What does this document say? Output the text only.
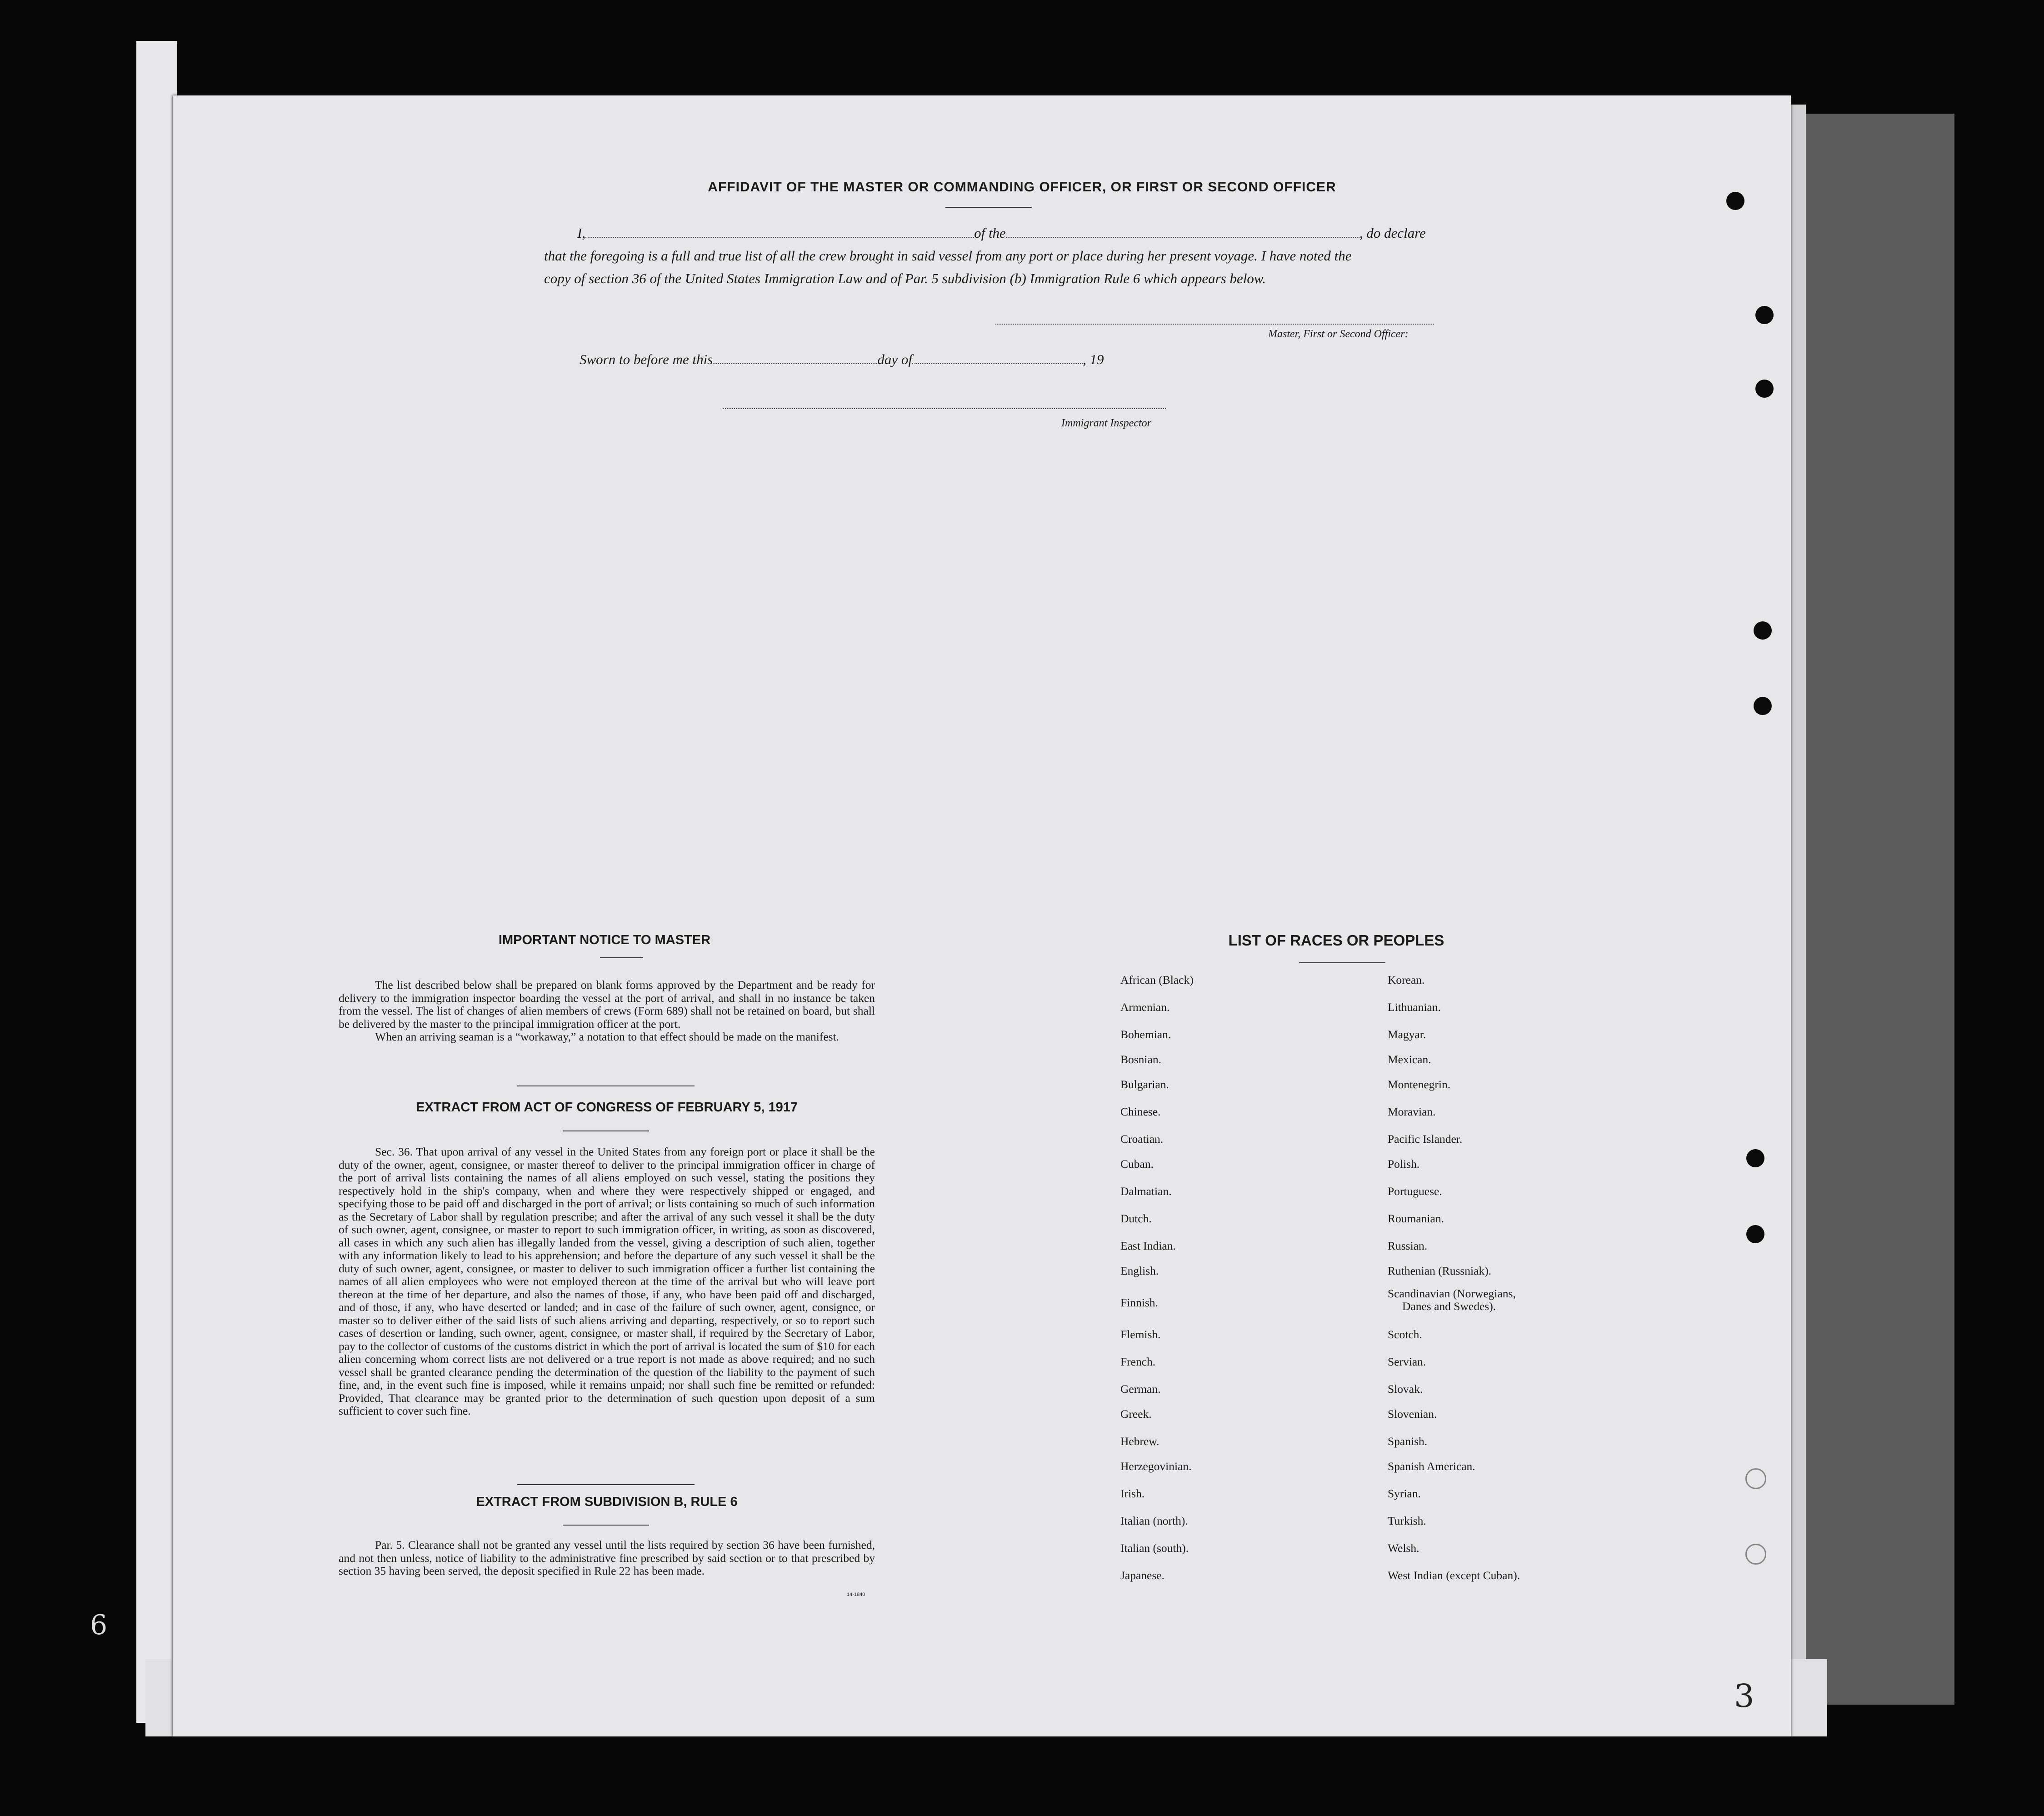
AFFIDAVIT OF THE MASTER OR COMMANDING OFFICER, OR FIRST OR SECOND OFFICER
I,	of the	, do declare
that the foregoing is a full and true list of all the crew brought in said vessel from any port or place during her present voyage. I have noted the
copy of section 36 of the United States Immigration Law and of Par. 5 subdivision (b) Immigration Rule 6 which appears below.
Master, First or Second Officer:
Sworn to before me this	day of	, 19
Immigrant Inspector
IMPORTANT NOTICE TO MASTER

The list described below shall be prepared on blank forms approved by the Department and be ready for delivery to the immigration inspector boarding the vessel at the port of arrival, and shall in no instance be taken from the vessel. The list of changes of alien members of crews (Form 689) shall not be retained on board, but shall be delivered by the master to the principal immigration officer at the port.

When an arriving seaman is a “workaway,” a notation to that effect should be made on the manifest.

EXTRACT FROM ACT OF CONGRESS OF FEBRUARY 5, 1917

Sec. 36. That upon arrival of any vessel in the United States from any foreign port or place it shall be the duty of the owner, agent, consignee, or master thereof to deliver to the principal immigration officer in charge of the port of arrival lists containing the names of all aliens employed on such vessel, stating the positions they respectively hold in the ship's company, when and where they were respectively shipped or engaged, and specifying those to be paid off and discharged in the port of arrival; or lists containing so much of such information as the Secretary of Labor shall by regulation prescribe; and after the arrival of any such vessel it shall be the duty of such owner, agent, consignee, or master to report to such immigration officer, in writing, as soon as discovered, all cases in which any such alien has illegally landed from the vessel, giving a description of such alien, together with any information likely to lead to his apprehension; and before the departure of any such vessel it shall be the duty of such owner, agent, consignee, or master to deliver to such immigration officer a further list containing the names of all alien employees who were not employed thereon at the time of the arrival but who will leave port thereon at the time of her departure, and also the names of those, if any, who have been paid off and discharged, and of those, if any, who have deserted or landed; and in case of the failure of such owner, agent, consignee, or master so to deliver either of the said lists of such aliens arriving and departing, respectively, or so to report such cases of desertion or landing, such owner, agent, consignee, or master shall, if required by the Secretary of Labor, pay to the collector of customs of the customs district in which the port of arrival is located the sum of $10 for each alien concerning whom correct lists are not delivered or a true report is not made as above required; and no such vessel shall be granted clearance pending the determination of the question of the liability to the payment of such fine, and, in the event such fine is imposed, while it remains unpaid; nor shall such fine be remitted or refunded: Provided, That clearance may be granted prior to the determination of such question upon deposit of a sum sufficient to cover such fine.

EXTRACT FROM SUBDIVISION B, RULE 6

Par. 5. Clearance shall not be granted any vessel until the lists required by section 36 have been furnished, and not then unless, notice of liability to the administrative fine prescribed by said section or to that prescribed by section 35 having been served, the deposit specified in Rule 22 has been made.

14-1840
LIST OF RACES OR PEOPLES
African (Black)
Armenian.
Bohemian.
Bosnian.
Bulgarian.
Chinese.
Croatian.
Cuban.
Dalmatian.
Dutch.
East Indian.
English.
Finnish.
Flemish.
French.
German.
Greek.
Hebrew.
Herzegovinian.
Irish.
Italian (north).
Italian (south).
Japanese.
Korean.
Lithuanian.
Magyar.
Mexican.
Montenegrin.
Moravian.
Pacific Islander.
Polish.
Portuguese.
Roumanian.
Russian.
Ruthenian (Russniak).
Scandinavian (Norwegians,
Danes and Swedes).
Scotch.
Servian.
Slovak.
Slovenian.
Spanish.
Spanish American.
Syrian.
Turkish.
Welsh.
West Indian (except Cuban).
6
3
